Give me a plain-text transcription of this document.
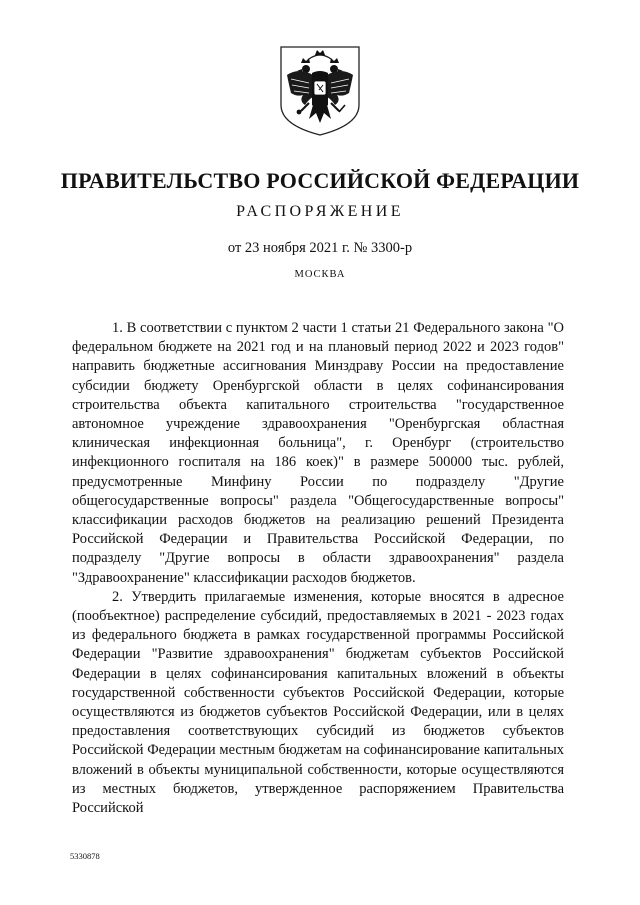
ПРАВИТЕЛЬСТВО РОССИЙСКОЙ ФЕДЕРАЦИИ
РАСПОРЯЖЕНИЕ
от 23 ноября 2021 г. № 3300-р
МОСКВА

1. В соответствии с пунктом 2 части 1 статьи 21 Федерального закона "О федеральном бюджете на 2021 год и на плановый период 2022 и 2023 годов" направить бюджетные ассигнования Минздраву России на предоставление субсидии бюджету Оренбургской области в целях софинансирования строительства объекта капитального строительства "государственное автономное учреждение здравоохранения "Оренбургская областная клиническая инфекционная больница", г. Оренбург (строительство инфекционного госпиталя на 186 коек)" в размере 500000 тыс. рублей, предусмотренные Минфину России по подразделу "Другие общегосударственные вопросы" раздела "Общегосударственные вопросы" классификации расходов бюджетов на реализацию решений Президента Российской Федерации и Правительства Российской Федерации, по подразделу "Другие вопросы в области здравоохранения" раздела "Здравоохранение" классификации расходов бюджетов.

2. Утвердить прилагаемые изменения, которые вносятся в адресное (пообъектное) распределение субсидий, предоставляемых в 2021 - 2023 годах из федерального бюджета в рамках государственной программы Российской Федерации "Развитие здравоохранения" бюджетам субъектов Российской Федерации в целях софинансирования капитальных вложений в объекты государственной собственности субъектов Российской Федерации, которые осуществляются из бюджетов субъектов Российской Федерации, или в целях предоставления соответствующих субсидий из бюджетов субъектов Российской Федерации местным бюджетам на софинансирование капитальных вложений в объекты муниципальной собственности, которые осуществляются из местных бюджетов, утвержденное распоряжением Правительства Российской

5330878
